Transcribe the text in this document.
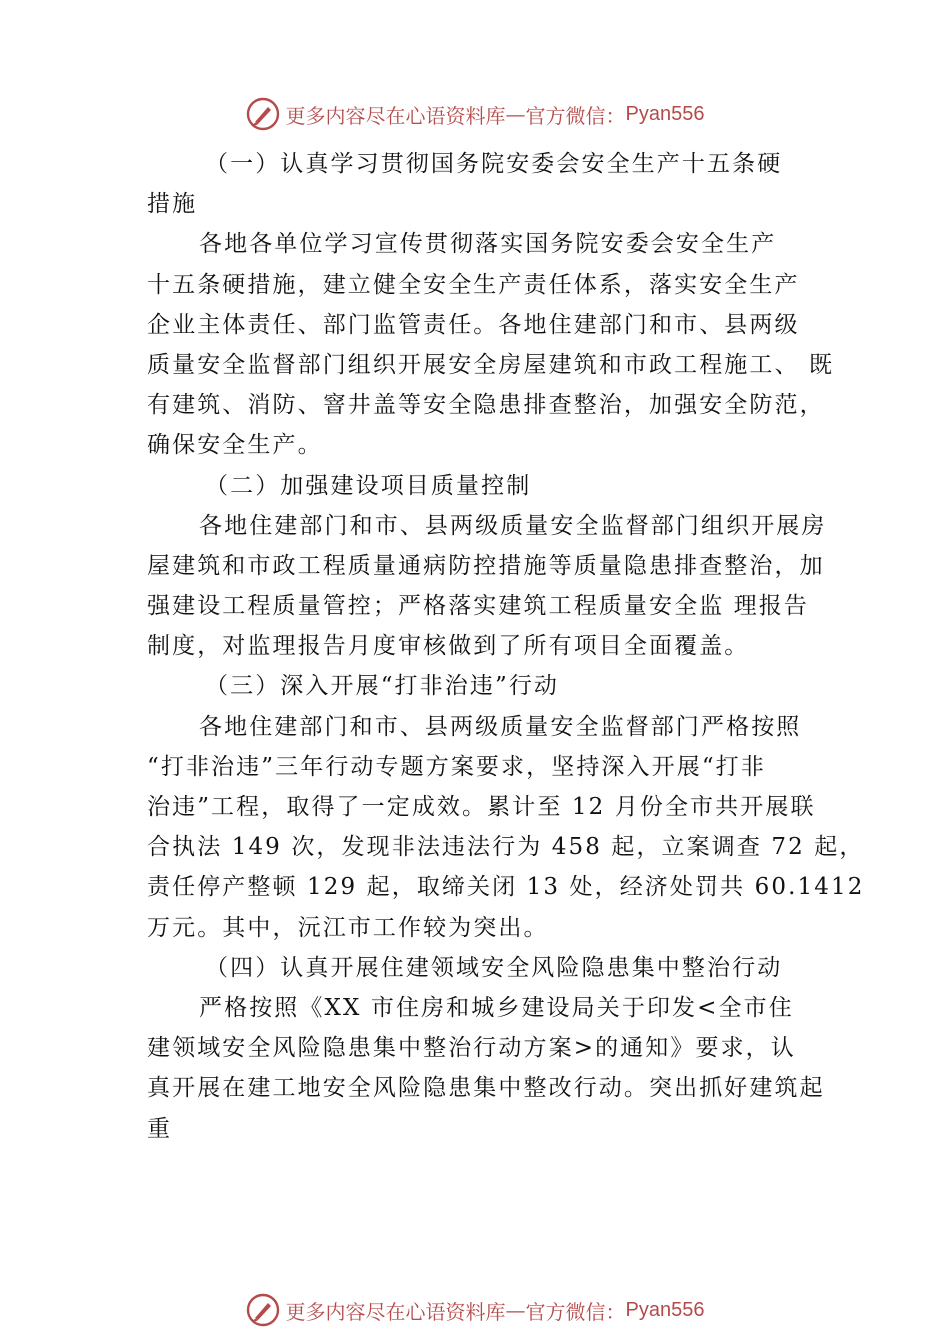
更多内容尽在心语资料库 — 官方微信： Pyan556
（一）认真学习贯彻国务院安委会安全生产十五条硬
措施
各地各单位学习宣传贯彻落实国务院安委会安全生产
十五条硬措施，建立健全安全生产责任体系，落实安全生产
企业主体责任、部门监管责任。各地住建部门和市、县两级
质量安全监督部门组织开展安全房屋建筑和市政工程施工、 既
有建筑、消防、窨井盖等安全隐患排查整治，加强安全防范，
确保安全生产。
（二）加强建设项目质量控制
各地住建部门和市、县两级质量安全监督部门组织开展房
屋建筑和市政工程质量通病防控措施等质量隐患排查整治，加
强建设工程质量管控；严格落实建筑工程质量安全监 理报告
制度，对监理报告月度审核做到了所有项目全面覆盖。
（三）深入开展“打非治违”行动
各地住建部门和市、县两级质量安全监督部门严格按照
“打非治违”三年行动专题方案要求，坚持深入开展“打非
治违”工程，取得了一定成效。累计至 12 月份全市共开展联
合执法 149 次，发现非法违法行为 458 起，立案调查 72 起，
责任停产整顿 129 起，取缔关闭 13 处，经济处罚共 60.1412
万元。其中，沅江市工作较为突出。
（四）认真开展住建领域安全风险隐患集中整治行动
严格按照《XX 市住房和城乡建设局关于印发<全市住
建领域安全风险隐患集中整治行动方案>的通知》要求，认
真开展在建工地安全风险隐患集中整改行动。突出抓好建筑起
重
更多内容尽在心语资料库 — 官方微信： Pyan556
